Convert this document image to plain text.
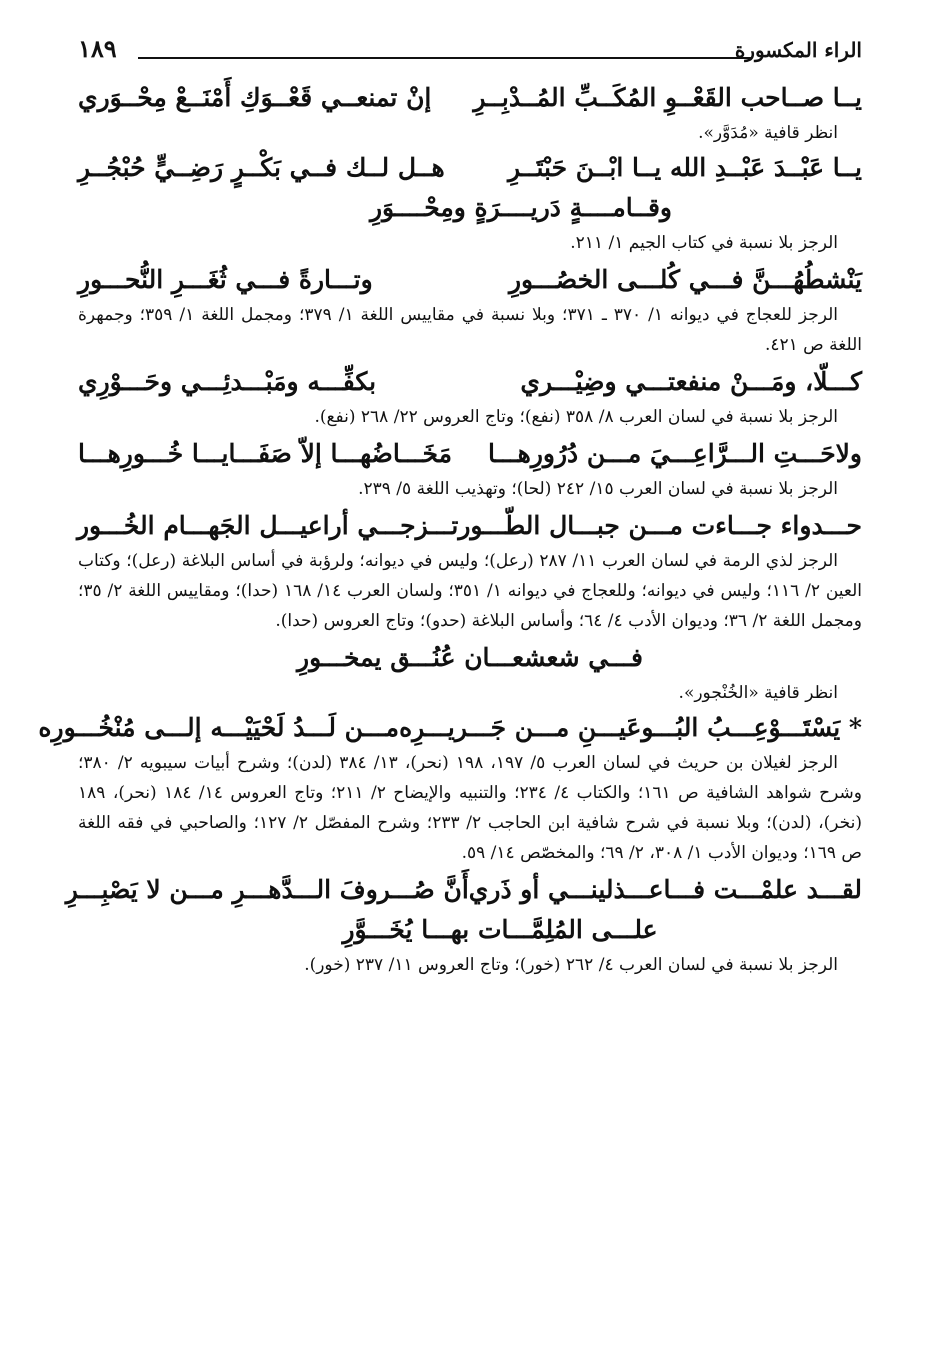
الراء المكسورة
١٨٩
يــا صــاحب القَعْــوِ المُكَــبِّ المُــدْبِــرِ
إنْ تمنعــي قَعْــوَكِ أَمْنَــعْ مِحْــوَري
انظر قافية «مُدَوَّر».
يــا عَبْــدَ عَبْــدِ الله يــا ابْــنَ حَبْتَــرِ
هــل لــك فــي بَكْــرٍ رَضِــيٍّ حُبْجُــرِ
وقــامــــةٍ دَريــــرَةٍ ومِحْــــوَرِ
الرجز بلا نسبة في كتاب الجيم ١/ ٢١١.
يَنْشطُهُـــنَّ فـــي كُلـــى الخصُـــورِ
وتـــارةً فـــي ثُغَـــرِ النُّحـــورِ
الرجز للعجاج في ديوانه ١/ ٣٧٠ ـ ٣٧١؛ وبلا نسبة في مقاييس اللغة ١/ ٣٧٩؛ ومجمل اللغة ١/ ٣٥٩؛ وجمهرة اللغة ص ٤٢١.
كـــلّا، ومَـــنْ منفعتـــي وضِيْـــري
بكفِّـــه ومَبْـــدئِـــي وحَـــوْرِي
الرجز بلا نسبة في لسان العرب ٨/ ٣٥٨ (نفع)؛ وتاج العروس ٢٢/ ٢٦٨ (نفع).
ولاحَـــتِ الـــرَّاعِـــيَ مـــن دُرُورِهـــا
مَخَـــاضُهـــا إلاّ صَفَـــايـــا خُـــورِهـــا
الرجز بلا نسبة في لسان العرب ١٥/ ٢٤٢ (لحا)؛ وتهذيب اللغة ٥/ ٢٣٩.
حـــدواء جـــاءت مـــن جبـــال الطّـــور
تـــزجـــي أراعيـــل الجَهـــام الخُـــور
الرجز لذي الرمة في لسان العرب ١١/ ٢٨٧ (رعل)؛ وليس في ديوانه؛ ولرؤبة في أساس البلاغة (رعل)؛ وكتاب العين ٢/ ١١٦؛ وليس في ديوانه؛ وللعجاج في ديوانه ١/ ٣٥١؛ ولسان العرب ١٤/ ١٦٨ (حدا)؛ ومقاييس اللغة ٢/ ٣٥؛ ومجمل اللغة ٢/ ٣٦؛ وديوان الأدب ٤/ ٦٤؛ وأساس البلاغة (حدو)؛ وتاج العروس (حدا).
فـــي شعشعـــان عُنُـــق يمخـــورِ
انظر قافية «الخُنْجور».
* يَسْتَـــوْعِـــبُ البُـــوعَيـــنِ مـــن جَـــريـــرِه
مـــن لَـــدُ لَحْيَيْـــه إلـــى مُنْخُـــورِه
الرجز لغيلان بن حريث في لسان العرب ٥/ ١٩٧، ١٩٨ (نحر)، ١٣/ ٣٨٤ (لدن)؛ وشرح أبيات سيبويه ٢/ ٣٨٠؛ وشرح شواهد الشافية ص ١٦١؛ والكتاب ٤/ ٢٣٤؛ والتنبيه والإيضاح ٢/ ٢١١؛ وتاج العروس ١٤/ ١٨٤ (نحر)، ١٨٩ (نخر)، (لدن)؛ وبلا نسبة في شرح شافية ابن الحاجب ٢/ ٢٣٣؛ وشرح المفصّل ٢/ ١٢٧؛ والصاحبي في فقه اللغة ص ١٦٩؛ وديوان الأدب ١/ ٣٠٨، ٢/ ٦٩؛ والمخصّص ١٤/ ٥٩.
لقـــد علمْـــت فـــاعـــذلينـــي أو ذَري
أَنَّ صُـــروفَ الـــدَّهـــرِ مـــن لا يَصْبِـــرِ
علـــى المُلِمَّـــات بهـــا يُخَـــوَّرِ
الرجز بلا نسبة في لسان العرب ٤/ ٢٦٢ (خور)؛ وتاج العروس ١١/ ٢٣٧ (خور).
